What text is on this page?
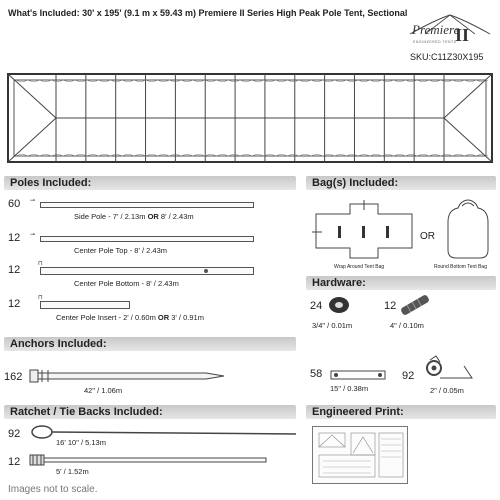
What's Included: 30' x 195' (9.1 m x 59.43 m) Premiere II Series High Peak Pole Tent, Sectional
Premiere
II
ENGINEERED TENTS
SKU:C11Z30X195
Poles Included:
60 ⊸
Side Pole - 7' / 2.13m OR 8' / 2.43m
12 ⊸
Center Pole Top - 8' / 2.43m
12	⊓
Center Pole Bottom - 8' / 2.43m
12	⊓
Center Pole Insert - 2' / 0.60m OR 3' / 0.91m
Anchors Included:
162
42" / 1.06m
Ratchet / Tie Backs Included:
92
16' 10" / 5.13m
12
5' / 1.52m
Images not to scale.
Bag(s) Included:
Wrap Around Tent Bag
OR
Round Bottom Tent Bag
Hardware:
24
3/4" / 0.01m
12
4" / 0.10m
58
15" / 0.38m
92
2" / 0.05m
Engineered Print:
